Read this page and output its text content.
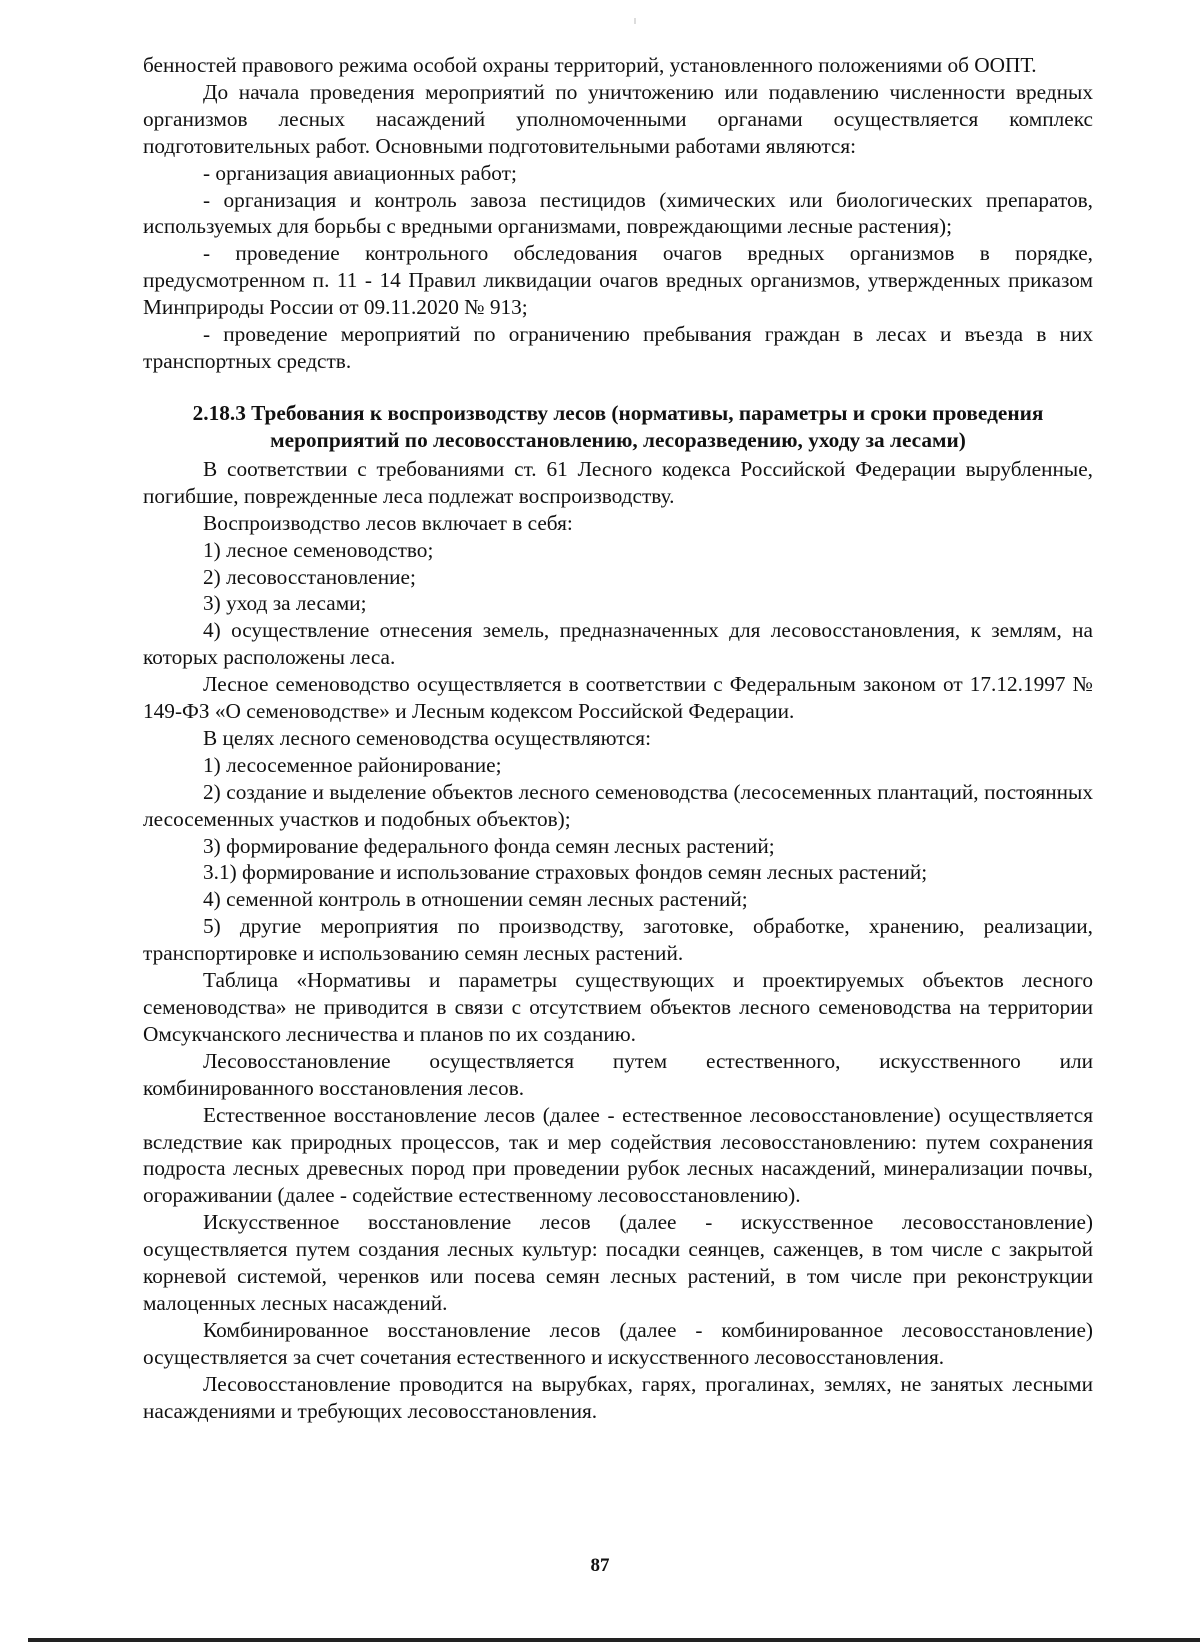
бенностей правового режима особой охраны территорий, установленного положениями об ООПТ.

До начала проведения мероприятий по уничтожению или подавлению численности вредных организмов лесных насаждений уполномоченными органами осуществляется комплекс подготовительных работ. Основными подготовительными работами являются:

- организация авиационных работ;

- организация и контроль завоза пестицидов (химических или биологических препаратов, используемых для борьбы с вредными организмами, повреждающими лесные растения);

- проведение контрольного обследования очагов вредных организмов в порядке, предусмотренном п. 11 - 14 Правил ликвидации очагов вредных организмов, утвержденных приказом Минприроды России от 09.11.2020 № 913;

- проведение мероприятий по ограничению пребывания граждан в лесах и въезда в них транспортных средств.

2.18.3 Требования к воспроизводству лесов (нормативы, параметры и сроки проведения

мероприятий по лесовосстановлению, лесоразведению, уходу за лесами)

В соответствии с требованиями ст. 61 Лесного кодекса Российской Федерации вырубленные, погибшие, поврежденные леса подлежат воспроизводству.

Воспроизводство лесов включает в себя:

1) лесное семеноводство;

2) лесовосстановление;

3) уход за лесами;

4) осуществление отнесения земель, предназначенных для лесовосстановления, к землям, на которых расположены леса.

Лесное семеноводство осуществляется в соответствии с Федеральным законом от 17.12.1997 № 149-ФЗ «О семеноводстве» и Лесным кодексом Российской Федерации.

В целях лесного семеноводства осуществляются:

1) лесосеменное районирование;

2) создание и выделение объектов лесного семеноводства (лесосеменных плантаций, постоянных лесосеменных участков и подобных объектов);

3) формирование федерального фонда семян лесных растений;

3.1) формирование и использование страховых фондов семян лесных растений;

4) семенной контроль в отношении семян лесных растений;

5) другие мероприятия по производству, заготовке, обработке, хранению, реализации, транспортировке и использованию семян лесных растений.

Таблица «Нормативы и параметры существующих и проектируемых объектов лесного семеноводства» не приводится в связи с отсутствием объектов лесного семеноводства на территории Омсукчанского лесничества и планов по их созданию.

Лесовосстановление осуществляется путем естественного, искусственного или комбинированного восстановления лесов.

Естественное восстановление лесов (далее - естественное лесовосстановление) осуществляется вследствие как природных процессов, так и мер содействия лесовосстановлению: путем сохранения подроста лесных древесных пород при проведении рубок лесных насаждений, минерализации почвы, огораживании (далее - содействие естественному лесовосстановлению).

Искусственное восстановление лесов (далее - искусственное лесовосстановление) осуществляется путем создания лесных культур: посадки сеянцев, саженцев, в том числе с закрытой корневой системой, черенков или посева семян лесных растений, в том числе при реконструкции малоценных лесных насаждений.

Комбинированное восстановление лесов (далее - комбинированное лесовосстановление) осуществляется за счет сочетания естественного и искусственного лесовосстановления.

Лесовосстановление проводится на вырубках, гарях, прогалинах, землях, не занятых лесными насаждениями и требующих лесовосстановления.

87
